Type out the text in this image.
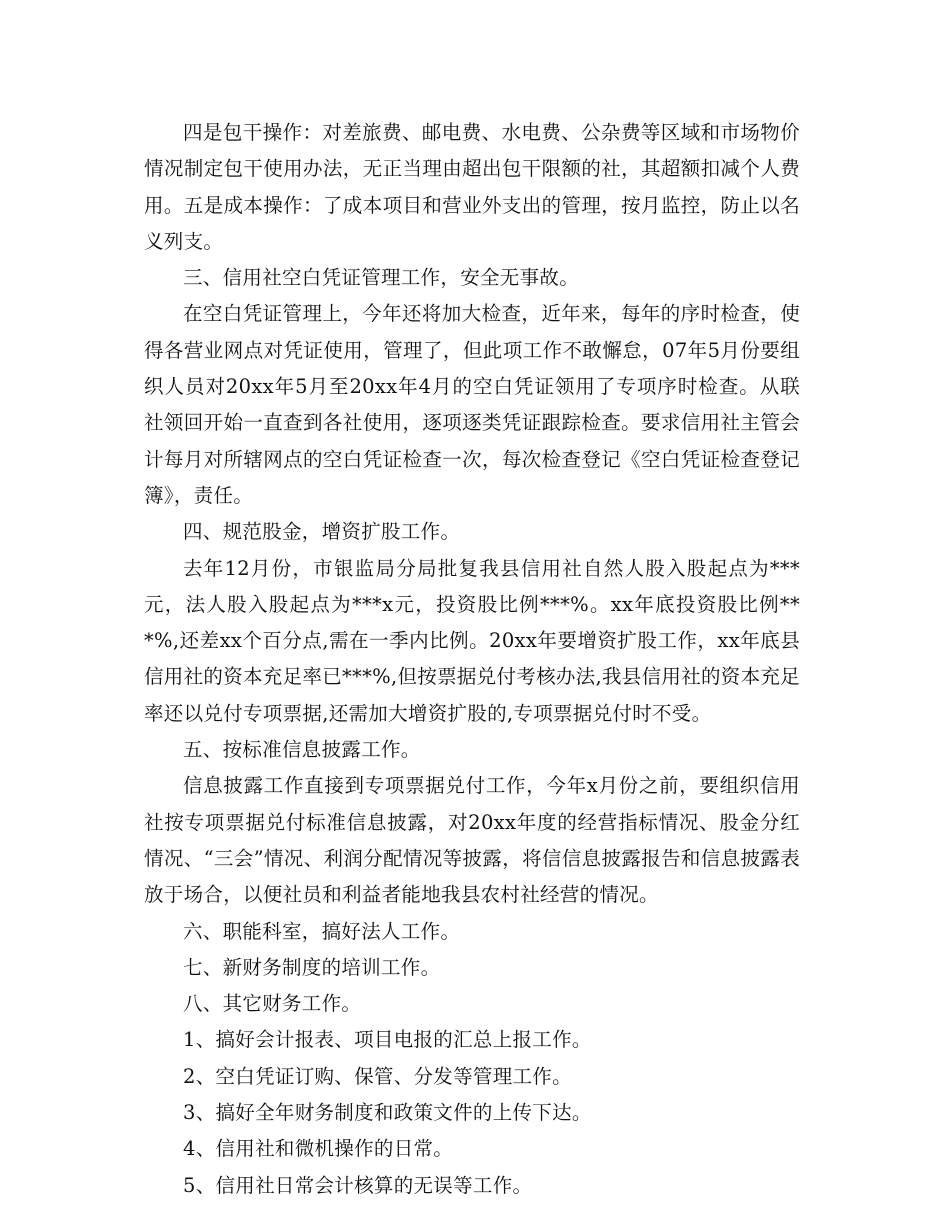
四是包干操作：对差旅费、邮电费、水电费、公杂费等区域和市场物价情况制定包干使用办法，无正当理由超出包干限额的社，其超额扣减个人费用。五是成本操作：了成本项目和营业外支出的管理，按月监控，防止以名义列支。

三、信用社空白凭证管理工作，安全无事故。

在空白凭证管理上，今年还将加大检查，近年来，每年的序时检查，使得各营业网点对凭证使用，管理了，但此项工作不敢懈怠，07年5月份要组织人员对20xx年5月至20xx年4月的空白凭证领用了专项序时检查。从联社领回开始一直查到各社使用，逐项逐类凭证跟踪检查。要求信用社主管会计每月对所辖网点的空白凭证检查一次，每次检查登记《空白凭证检查登记簿》，责任。

四、规范股金，增资扩股工作。

去年12月份，市银监局分局批复我县信用社自然人股入股起点为***元，法人股入股起点为***x元，投资股比例***%。xx年底投资股比例***%,还差xx个百分点,需在一季内比例。20xx年要增资扩股工作，xx年底县信用社的资本充足率已***%,但按票据兑付考核办法,我县信用社的资本充足率还以兑付专项票据,还需加大增资扩股的,专项票据兑付时不受。

五、按标准信息披露工作。

信息披露工作直接到专项票据兑付工作，今年x月份之前，要组织信用社按专项票据兑付标准信息披露，对20xx年度的经营指标情况、股金分红情况、“三会”情况、利润分配情况等披露，将信信息披露报告和信息披露表放于场合，以便社员和利益者能地我县农村社经营的情况。

六、职能科室，搞好法人工作。

七、新财务制度的培训工作。

八、其它财务工作。

1、搞好会计报表、项目电报的汇总上报工作。

2、空白凭证订购、保管、分发等管理工作。

3、搞好全年财务制度和政策文件的上传下达。

4、信用社和微机操作的日常。

5、信用社日常会计核算的无误等工作。
